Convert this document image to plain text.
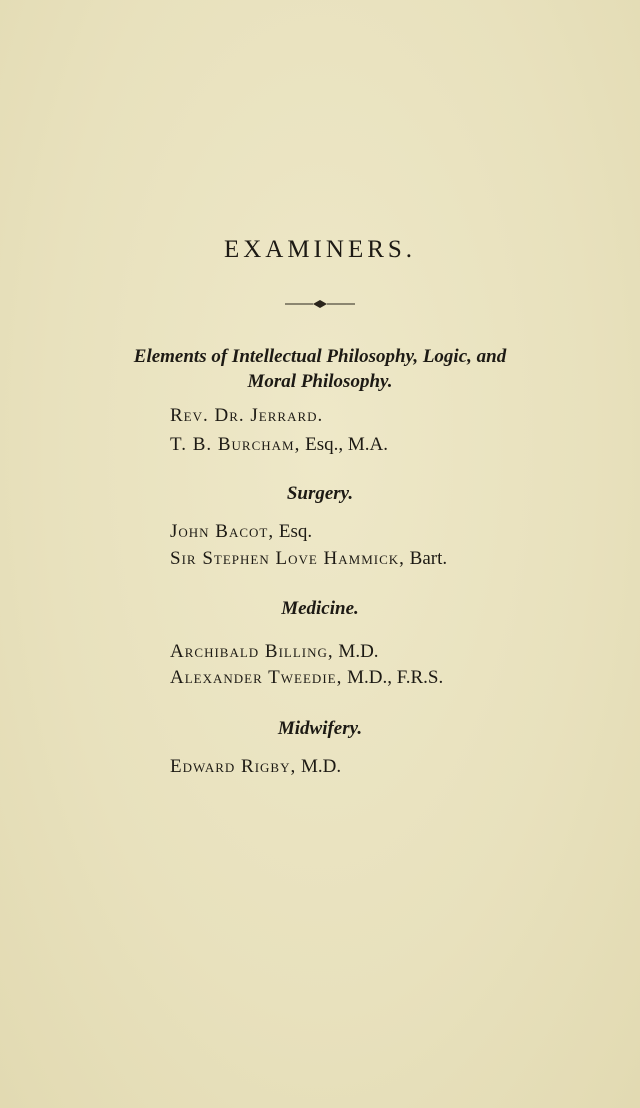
EXAMINERS.
Elements of Intellectual Philosophy, Logic, and
Moral Philosophy.
Rev. Dr. Jerrard.
T. B. Burcham, Esq., M.A.
Surgery.
John Bacot, Esq.
Sir Stephen Love Hammick, Bart.
Medicine.
Archibald Billing, M.D.
Alexander Tweedie, M.D., F.R.S.
Midwifery.
Edward Rigby, M.D.
